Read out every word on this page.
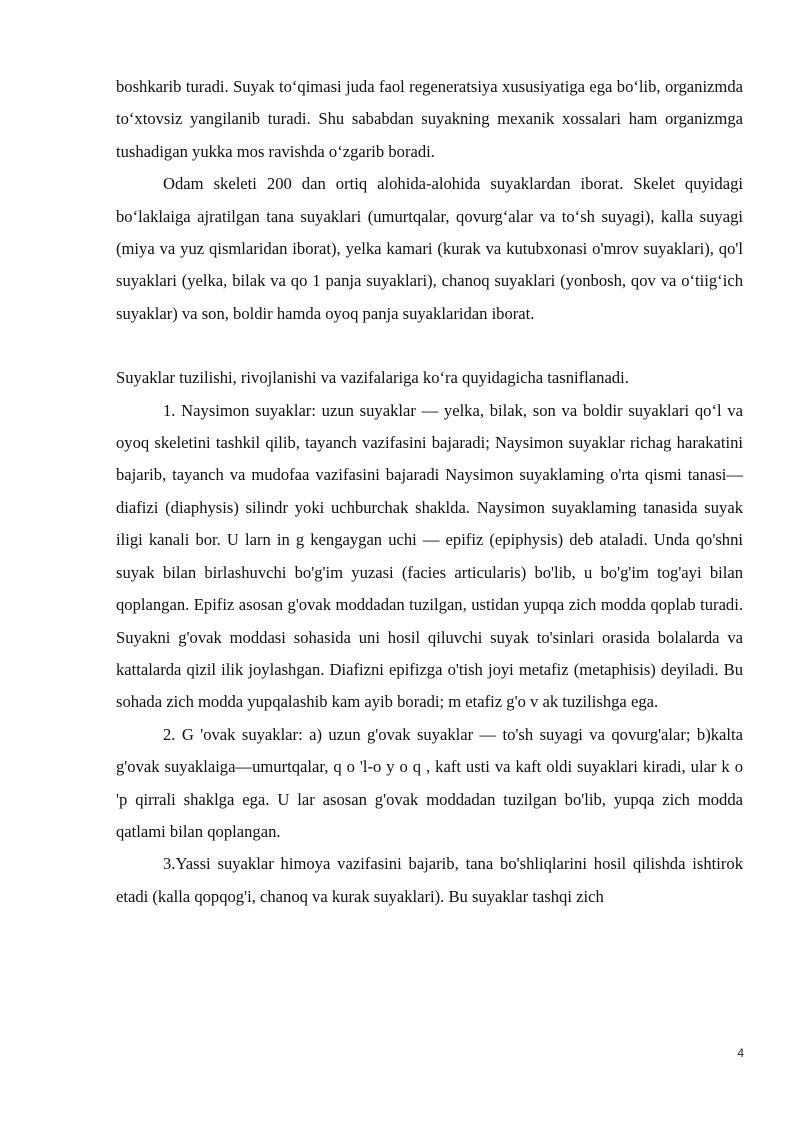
boshkarib turadi. Suyak to‘qimasi juda faol regeneratsiya xususiyatiga ega bo‘lib, organizmda to‘xtovsiz yangilanib turadi. Shu sababdan suyakning mexanik xossalari ham organizmga tushadigan yukka mos ravishda o‘zgarib boradi.

Odam skeleti 200 dan ortiq alohida-alohida suyaklardan iborat. Skelet quyidagi bo‘laklaiga ajratilgan tana suyaklari (umurtqalar, qovurg‘alar va to‘sh suyagi), kalla suyagi (miya va yuz qismlaridan iborat), yelka kamari (kurak va kutubxonasi o'mrov suyaklari), qo'l suyaklari (yelka, bilak va qo 1 panja suyaklari), chanoq suyaklari (yonbosh, qov va o‘tiig‘ich suyaklar) va son, boldir hamda oyoq panja suyaklaridan iborat.

Suyaklar tuzilishi, rivojlanishi va vazifalariga ko‘ra quyidagicha tasniflanadi.

1. Naysimon suyaklar: uzun suyaklar — yelka, bilak, son va boldir suyaklari qo‘l va oyoq skeletini tashkil qilib, tayanch vazifasini bajaradi; Naysimon suyaklar richag harakatini bajarib, tayanch va mudofaa vazifasini bajaradi Naysimon suyaklaming o'rta qismi tanasi— diafizi (diaphysis) silindr yoki uchburchak shaklda. Naysimon suyaklaming tanasida suyak iligi kanali bor. U larn in g kengaygan uchi — epifiz (epiphysis) deb ataladi. Unda qo'shni suyak bilan birlashuvchi bo'g'im yuzasi (facies articularis) bo'lib, u bo'g'im tog'ayi bilan qoplangan. Epifiz asosan g'ovak moddadan tuzilgan, ustidan yupqa zich modda qoplab turadi. Suyakni g'ovak moddasi sohasida uni hosil qiluvchi suyak to'sinlari orasida bolalarda va kattalarda qizil ilik joylashgan. Diafizni epifizga o'tish joyi metafiz (metaphisis) deyiladi. Bu sohada zich modda yupqalashib kam ayib boradi; m etafiz g'o v ak tuzilishga ega.

2. G 'ovak suyaklar: a) uzun g'ovak suyaklar — to'sh suyagi va qovurg'alar; b)kalta g'ovak suyaklaiga—umurtqalar, q o 'l-o y o q , kaft usti va kaft oldi suyaklari kiradi, ular k o 'p qirrali shaklga ega. U lar asosan g'ovak moddadan tuzilgan bo'lib, yupqa zich modda qatlami bilan qoplangan.

3.Yassi suyaklar himoya vazifasini bajarib, tana bo'shliqlarini hosil qilishda ishtirok etadi (kalla qopqog'i, chanoq va kurak suyaklari). Bu suyaklar tashqi zich

4
